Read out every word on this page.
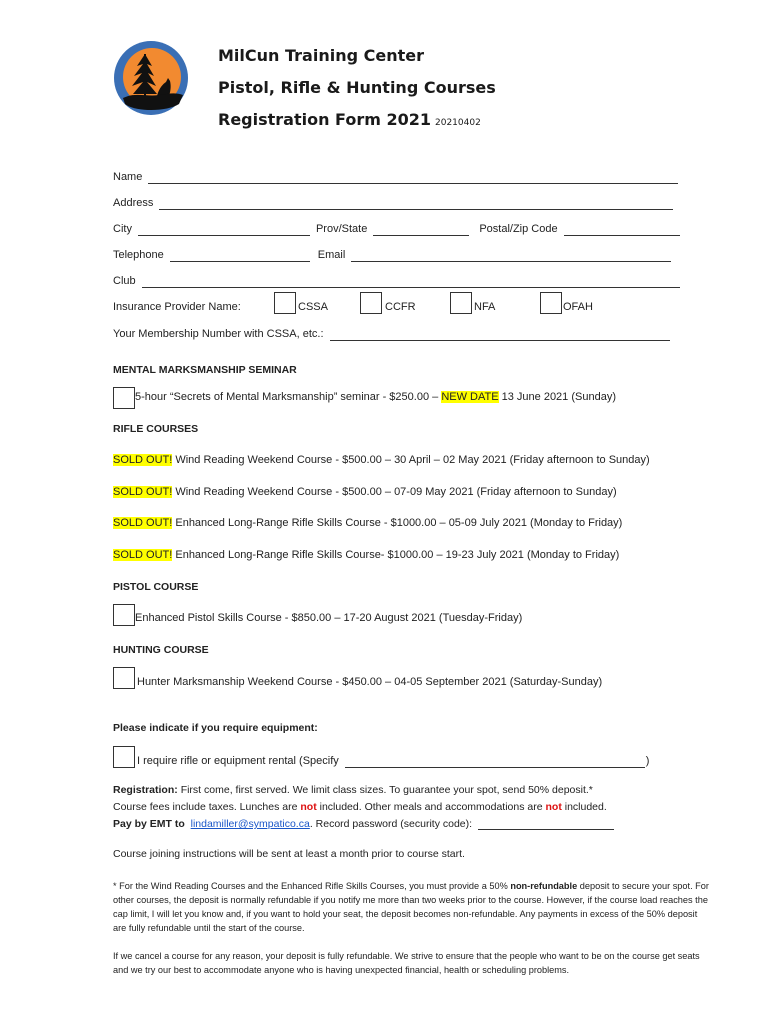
MilCun Training Center
Pistol, Rifle & Hunting Courses
Registration Form 2021 20210402
Name
Address
City	Prov/State	Postal/Zip Code
Telephone	Email
Club
Insurance Provider Name:	CSSA	CCFR	NFA	OFAH
Your Membership Number with CSSA, etc.:
MENTAL MARKSMANSHIP SEMINAR
5-hour “Secrets of Mental Marksmanship” seminar - $250.00 – NEW DATE 13 June 2021 (Sunday)
RIFLE COURSES
SOLD OUT! Wind Reading Weekend Course - $500.00 – 30 April – 02 May 2021 (Friday afternoon to Sunday)
SOLD OUT! Wind Reading Weekend Course - $500.00 – 07-09 May 2021 (Friday afternoon to Sunday)
SOLD OUT! Enhanced Long-Range Rifle Skills Course - $1000.00 – 05-09 July 2021 (Monday to Friday)
SOLD OUT! Enhanced Long-Range Rifle Skills Course- $1000.00 – 19-23 July 2021 (Monday to Friday)
PISTOL COURSE
Enhanced Pistol Skills Course - $850.00 – 17-20 August 2021 (Tuesday-Friday)
HUNTING COURSE
Hunter Marksmanship Weekend Course - $450.00 – 04-05 September 2021 (Saturday-Sunday)
Please indicate if you require equipment:
I require rifle or equipment rental (Specify	)
Registration: First come, first served. We limit class sizes. To guarantee your spot, send 50% deposit.*
Course fees include taxes. Lunches are not included. Other meals and accommodations are not included.
Pay by EMT to
lindamiller@sympatico.ca . Record password (security code):
Course joining instructions will be sent at least a month prior to course start.
* For the Wind Reading Courses and the Enhanced Rifle Skills Courses, you must provide a 50% non-refundable deposit to secure your spot. For other courses, the deposit is normally refundable if you notify me more than two weeks prior to the course. However, if the course load reaches the cap limit, I will let you know and, if you want to hold your seat, the deposit becomes non-refundable. Any payments in excess of the 50% deposit are fully refundable until the start of the course.
If we cancel a course for any reason, your deposit is fully refundable. We strive to ensure that the people who want to be on the course get seats and we try our best to accommodate anyone who is having unexpected financial, health or scheduling problems.
